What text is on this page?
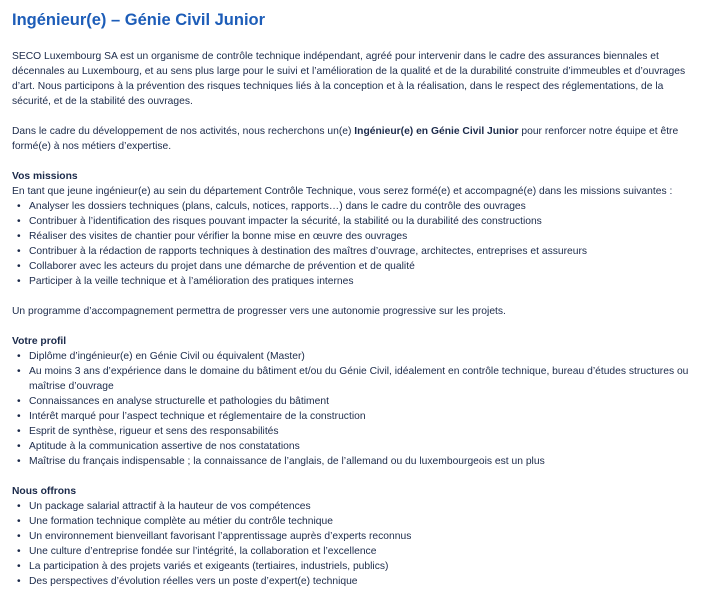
Ingénieur(e) – Génie Civil Junior

SECO Luxembourg SA est un organisme de contrôle technique indépendant, agréé pour intervenir dans le cadre des assurances biennales et décennales au Luxembourg, et au sens plus large pour le suivi et l’amélioration de la qualité et de la durabilité construite d’immeubles et d’ouvrages d’art. Nous participons à la prévention des risques techniques liés à la conception et à la réalisation, dans le respect des réglementations, de la sécurité, et de la stabilité des ouvrages.

Dans le cadre du développement de nos activités, nous recherchons un(e) Ingénieur(e) en Génie Civil Junior pour renforcer notre équipe et être formé(e) à nos métiers d’expertise.

Vos missions

En tant que jeune ingénieur(e) au sein du département Contrôle Technique, vous serez formé(e) et accompagné(e) dans les missions suivantes :

• Analyser les dossiers techniques (plans, calculs, notices, rapports…) dans le cadre du contrôle des ouvrages
• Contribuer à l’identification des risques pouvant impacter la sécurité, la stabilité ou la durabilité des constructions
• Réaliser des visites de chantier pour vérifier la bonne mise en œuvre des ouvrages
• Contribuer à la rédaction de rapports techniques à destination des maîtres d’ouvrage, architectes, entreprises et assureurs
• Collaborer avec les acteurs du projet dans une démarche de prévention et de qualité
• Participer à la veille technique et à l’amélioration des pratiques internes

Un programme d’accompagnement permettra de progresser vers une autonomie progressive sur les projets.

Votre profil
• Diplôme d’ingénieur(e) en Génie Civil ou équivalent (Master)
• Au moins 3 ans d’expérience dans le domaine du bâtiment et/ou du Génie Civil, idéalement en contrôle technique, bureau d’études structures ou maîtrise d’ouvrage
• Connaissances en analyse structurelle et pathologies du bâtiment
• Intérêt marqué pour l’aspect technique et réglementaire de la construction
• Esprit de synthèse, rigueur et sens des responsabilités
• Aptitude à la communication assertive de nos constatations
• Maîtrise du français indispensable ; la connaissance de l’anglais, de l’allemand ou du luxembourgeois est un plus
Nous offrons
• Un package salarial attractif à la hauteur de vos compétences
• Une formation technique complète au métier du contrôle technique
• Un environnement bienveillant favorisant l’apprentissage auprès d’experts reconnus
• Une culture d’entreprise fondée sur l’intégrité, la collaboration et l’excellence
• La participation à des projets variés et exigeants (tertiaires, industriels, publics)
• Des perspectives d’évolution réelles vers un poste d’expert(e) technique
